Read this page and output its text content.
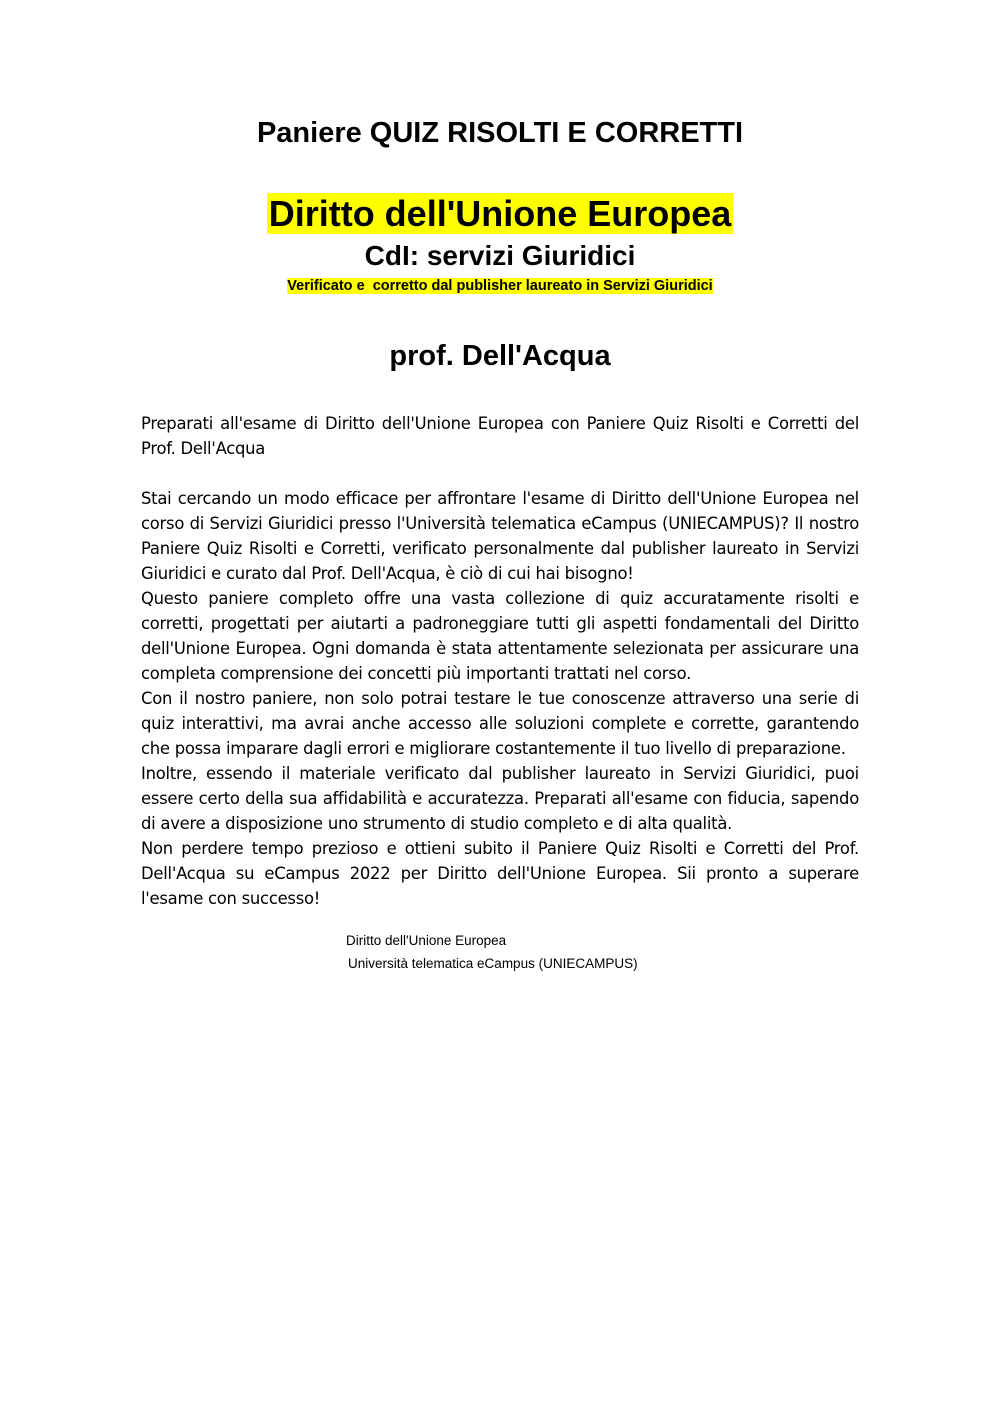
Paniere QUIZ RISOLTI E CORRETTI
Diritto dell'Unione Europea
CdI: servizi Giuridici
Verificato e  corretto dal publisher laureato in Servizi Giuridici
prof. Dell'Acqua

Preparati all'esame di Diritto dell'Unione Europea con Paniere Quiz Risolti e Corretti del Prof. Dell'Acqua

Stai cercando un modo efficace per affrontare l'esame di Diritto dell'Unione Europea nel corso di Servizi Giuridici presso l'Università telematica eCampus (UNIECAMPUS)? Il nostro Paniere Quiz Risolti e Corretti, verificato personalmente dal publisher laureato in Servizi Giuridici e curato dal Prof. Dell'Acqua, è ciò di cui hai bisogno!

Questo paniere completo offre una vasta collezione di quiz accuratamente risolti e corretti, progettati per aiutarti a padroneggiare tutti gli aspetti fondamentali del Diritto dell'Unione Europea. Ogni domanda è stata attentamente selezionata per assicurare una completa comprensione dei concetti più importanti trattati nel corso.

Con il nostro paniere, non solo potrai testare le tue conoscenze attraverso una serie di quiz interattivi, ma avrai anche accesso alle soluzioni complete e corrette, garantendo che possa imparare dagli errori e migliorare costantemente il tuo livello di preparazione.

Inoltre, essendo il materiale verificato dal publisher laureato in Servizi Giuridici, puoi essere certo della sua affidabilità e accuratezza. Preparati all'esame con fiducia, sapendo di avere a disposizione uno strumento di studio completo e di alta qualità.

Non perdere tempo prezioso e ottieni subito il Paniere Quiz Risolti e Corretti del Prof. Dell'Acqua su eCampus 2022 per Diritto dell'Unione Europea. Sii pronto a superare l'esame con successo!

Diritto dell'Unione Europea
Università telematica eCampus (UNIECAMPUS)
